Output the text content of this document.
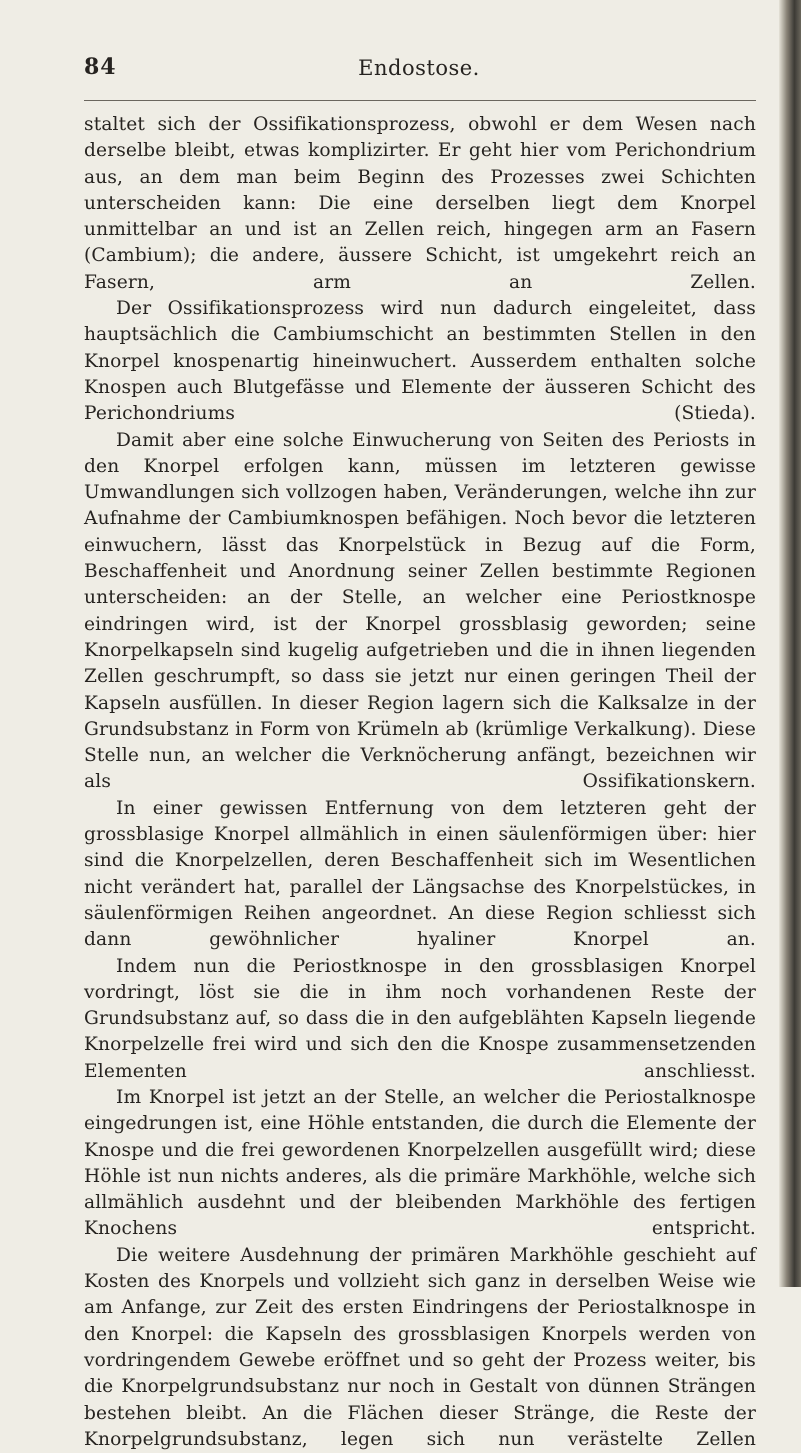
84	Endostose.

staltet sich der Ossifikationsprozess, obwohl er dem Wesen nach derselbe bleibt, etwas komplizirter. Er geht hier vom Perichondrium aus, an dem man beim Beginn des Prozesses zwei Schichten unterscheiden kann: Die eine derselben liegt dem Knorpel unmittelbar an und ist an Zellen reich, hingegen arm an Fasern (Cambium); die andere, äussere Schicht, ist umgekehrt reich an Fasern, arm an Zellen.

Der Ossifikationsprozess wird nun dadurch eingeleitet, dass hauptsächlich die Cambiumschicht an bestimmten Stellen in den Knorpel knospenartig hineinwuchert. Ausserdem enthalten solche Knospen auch Blutgefässe und Elemente der äusseren Schicht des Perichondriums (Stieda).

Damit aber eine solche Einwucherung von Seiten des Periosts in den Knorpel erfolgen kann, müssen im letzteren gewisse Umwandlungen sich vollzogen haben, Veränderungen, welche ihn zur Aufnahme der Cambiumknospen befähigen. Noch bevor die letzteren einwuchern, lässt das Knorpelstück in Bezug auf die Form, Beschaffenheit und Anordnung seiner Zellen bestimmte Regionen unterscheiden: an der Stelle, an welcher eine Periostknospe eindringen wird, ist der Knorpel grossblasig geworden; seine Knorpelkapseln sind kugelig aufgetrieben und die in ihnen liegenden Zellen geschrumpft, so dass sie jetzt nur einen geringen Theil der Kapseln ausfüllen. In dieser Region lagern sich die Kalksalze in der Grundsubstanz in Form von Krümeln ab (krümlige Verkalkung). Diese Stelle nun, an welcher die Verknöcherung anfängt, bezeichnen wir als Ossifikationskern.

In einer gewissen Entfernung von dem letzteren geht der grossblasige Knorpel allmählich in einen säulenförmigen über: hier sind die Knorpelzellen, deren Beschaffenheit sich im Wesentlichen nicht verändert hat, parallel der Längsachse des Knorpelstückes, in säulenförmigen Reihen angeordnet. An diese Region schliesst sich dann gewöhnlicher hyaliner Knorpel an.

Indem nun die Periostknospe in den grossblasigen Knorpel vordringt, löst sie die in ihm noch vorhandenen Reste der Grundsubstanz auf, so dass die in den aufgeblähten Kapseln liegende Knorpelzelle frei wird und sich den die Knospe zusammensetzenden Elementen anschliesst.

Im Knorpel ist jetzt an der Stelle, an welcher die Periostalknospe eingedrungen ist, eine Höhle entstanden, die durch die Elemente der Knospe und die frei gewordenen Knorpelzellen ausgefüllt wird; diese Höhle ist nun nichts anderes, als die primäre Markhöhle, welche sich allmählich ausdehnt und der bleibenden Markhöhle des fertigen Knochens entspricht.

Die weitere Ausdehnung der primären Markhöhle geschieht auf Kosten des Knorpels und vollzieht sich ganz in derselben Weise wie am Anfange, zur Zeit des ersten Eindringens der Periostalknospe in den Knorpel: die Kapseln des grossblasigen Knorpels werden von vordringendem Gewebe eröffnet und so geht der Prozess weiter, bis die Knorpelgrundsubstanz nur noch in Gestalt von dünnen Strängen bestehen bleibt. An die Flächen dieser Stränge, die Reste der Knorpelgrundsubstanz, legen sich nun verästelte Zellen
